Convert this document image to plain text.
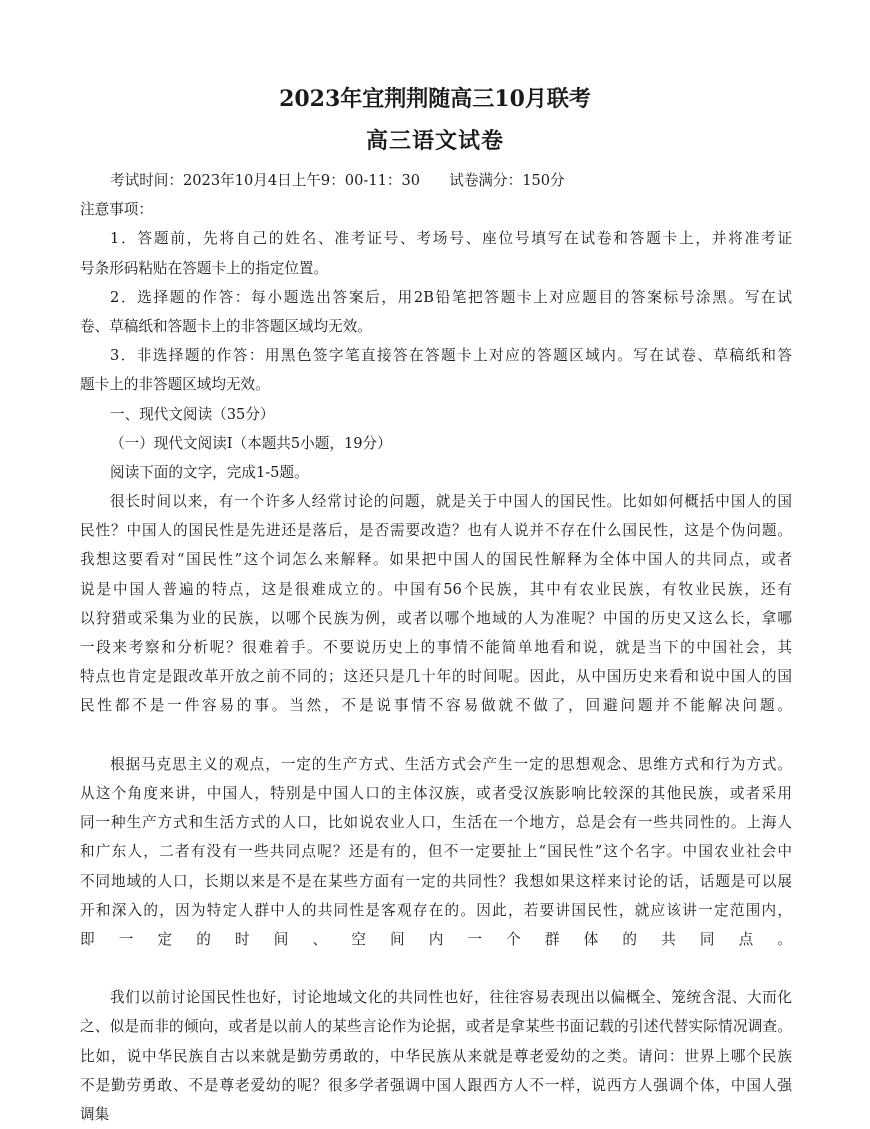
2023年宜荆荆随高三10月联考
高三语文试卷
考试时间：2023年10月4日上午9：00-11：30　　试卷满分：150分
注意事项：
1．答题前，先将自己的姓名、准考证号、考场号、座位号填写在试卷和答题卡上，并将准考证
号条形码粘贴在答题卡上的指定位置。
2．选择题的作答：每小题选出答案后，用2B铅笔把答题卡上对应题目的答案标号涂黑。写在试
卷、草稿纸和答题卡上的非答题区域均无效。
3．非选择题的作答：用黑色签字笔直接答在答题卡上对应的答题区域内。写在试卷、草稿纸和答
题卡上的非答题区域均无效。
一、现代文阅读（35分）
（一）现代文阅读Ⅰ（本题共5小题，19分）
阅读下面的文字，完成1-5题。
很长时间以来，有一个许多人经常讨论的问题，就是关于中国人的国民性。比如如何概括中国人的国
民性？中国人的国民性是先进还是落后，是否需要改造？也有人说并不存在什么国民性，这是个伪问题。
我想这要看对“国民性”这个词怎么来解释。如果把中国人的国民性解释为全体中国人的共同点，或者
说是中国人普遍的特点，这是很难成立的。中国有56个民族，其中有农业民族，有牧业民族，还有
以狩猎或采集为业的民族，以哪个民族为例，或者以哪个地域的人为准呢？中国的历史又这么长，拿哪
一段来考察和分析呢？很难着手。不要说历史上的事情不能简单地看和说，就是当下的中国社会，其
特点也肯定是跟改革开放之前不同的；这还只是几十年的时间呢。因此，从中国历史来看和说中国人的国
民性都不是一件容易的事。当然，不是说事情不容易做就不做了，回避问题并不能解决问题。
根据马克思主义的观点，一定的生产方式、生活方式会产生一定的思想观念、思维方式和行为方式。
从这个角度来讲，中国人，特别是中国人口的主体汉族，或者受汉族影响比较深的其他民族，或者采用
同一种生产方式和生活方式的人口，比如说农业人口，生活在一个地方，总是会有一些共同性的。上海人
和广东人，二者有没有一些共同点呢？还是有的，但不一定要扯上“国民性”这个名字。中国农业社会中
不同地域的人口，长期以来是不是在某些方面有一定的共同性？我想如果这样来讨论的话，话题是可以展
开和深入的，因为特定人群中人的共同性是客观存在的。因此，若要讲国民性，就应该讲一定范围内，
即一定的时间、空间内一个群体的共同点。
我们以前讨论国民性也好，讨论地域文化的共同性也好，往往容易表现出以偏概全、笼统含混、大而化
之、似是而非的倾向，或者是以前人的某些言论作为论据，或者是拿某些书面记载的引述代替实际情况调查。
比如，说中华民族自古以来就是勤劳勇敢的，中华民族从来就是尊老爱幼的之类。请问：世界上哪个民族
不是勤劳勇敢、不是尊老爱幼的呢？很多学者强调中国人跟西方人不一样，说西方人强调个体，中国人强
调集
